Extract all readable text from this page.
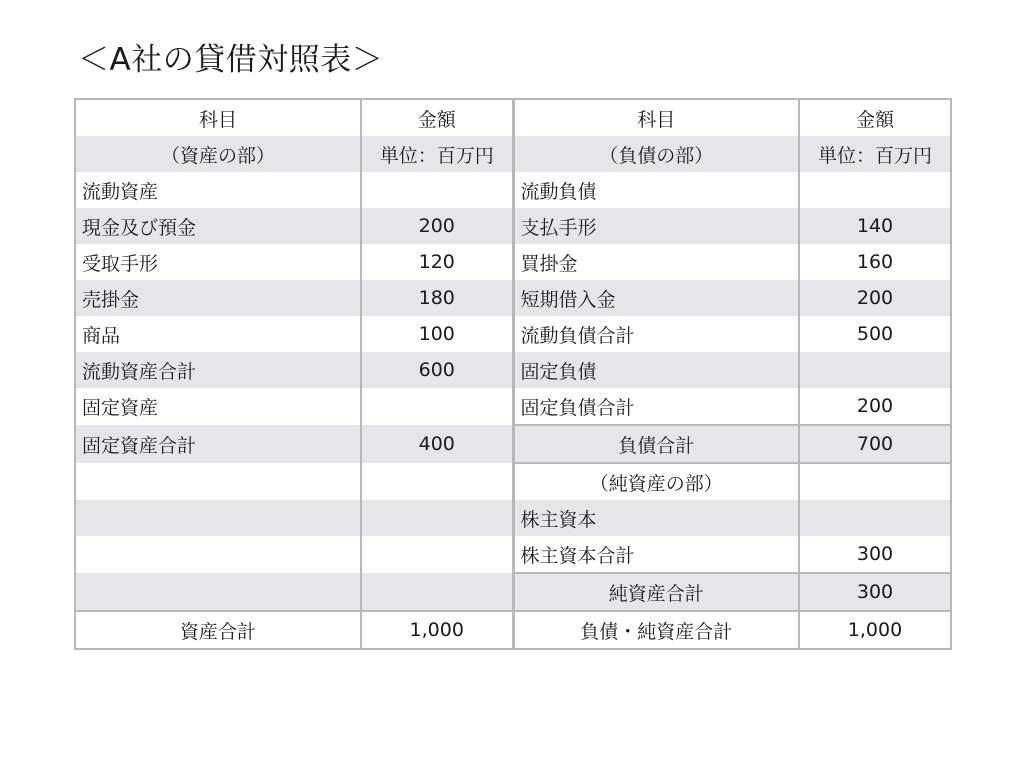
＜A社の貸借対照表＞
科目	金額	科目	金額
（資産の部）	単位：百万円	（負債の部）	単位：百万円
流動資産		流動負債	
現金及び預金	200	支払手形	140
受取手形	120	買掛金	160
売掛金	180	短期借入金	200
商品	100	流動負債合計	500
流動資産合計	600	固定負債	
固定資産		固定負債合計	200
固定資産合計	400	負債合計	700
		（純資産の部）	
		株主資本	
		株主資本合計	300
		純資産合計	300
資産合計	1,000	負債・純資産合計	1,000
